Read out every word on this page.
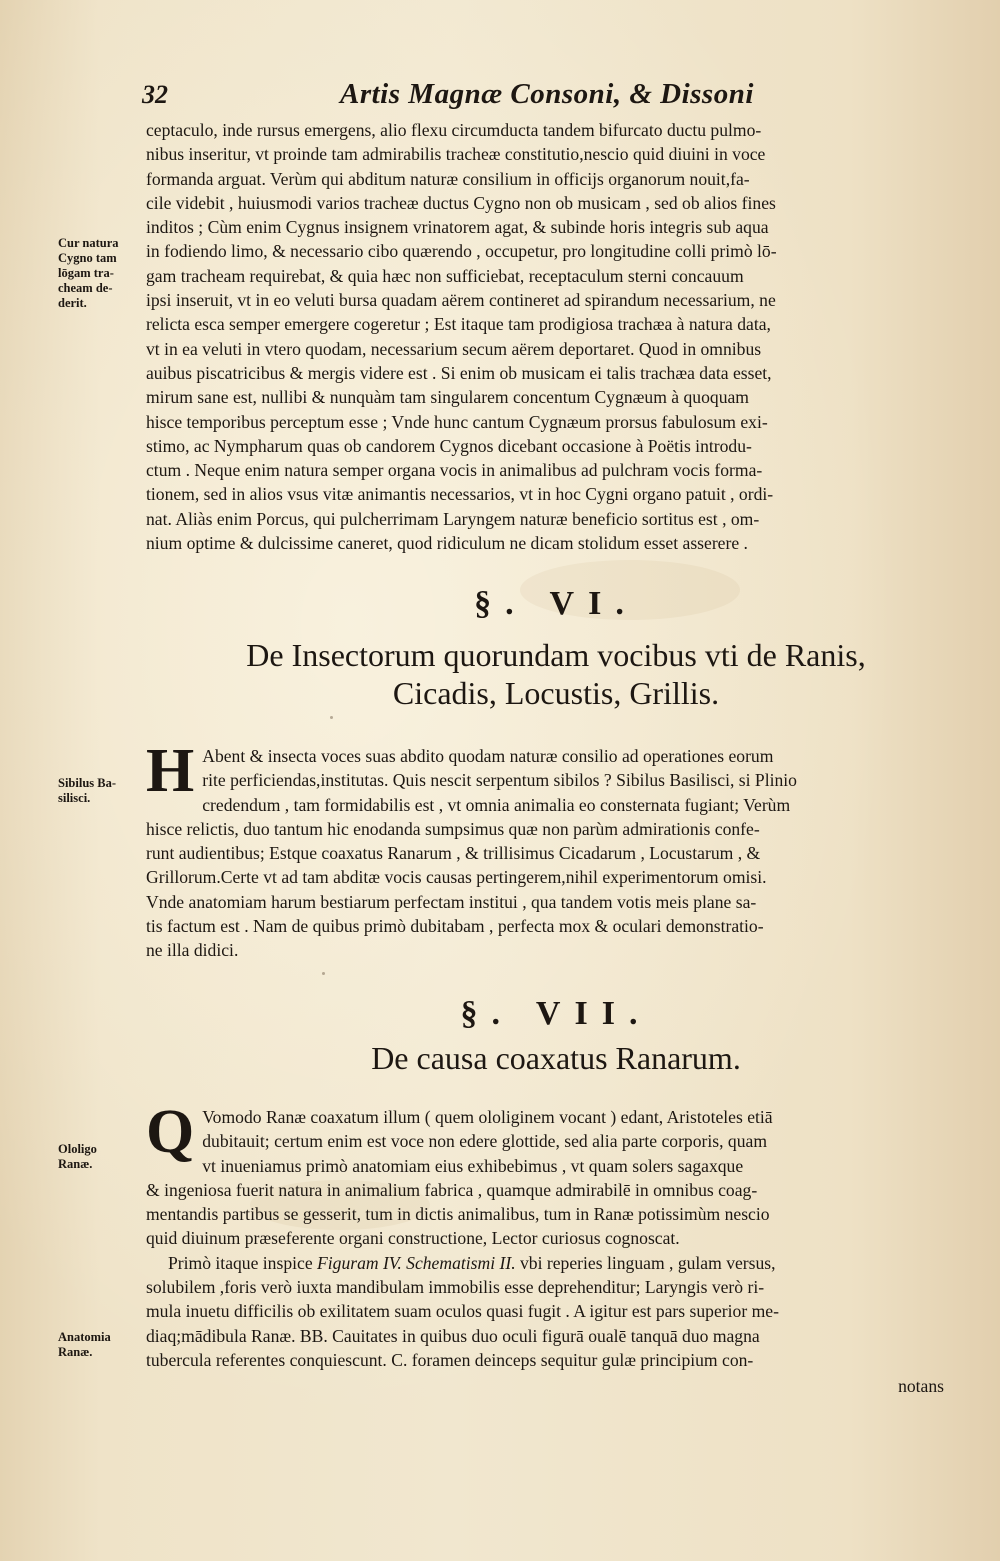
32	Artis Magnæ Consoni, & Dissoni

ceptaculo, inde rursus emergens, alio flexu circumducta tandem bifurcato ductu pulmo-

nibus inseritur, vt proinde tam admirabilis tracheæ constitutio,nescio quid diuini in voce

formanda arguat. Verùm qui abditum naturæ consilium in officijs organorum nouit,fa-

cile videbit , huiusmodi varios tracheæ ductus Cygno non ob musicam , sed ob alios fines

inditos ; Cùm enim Cygnus insignem vrinatorem agat, & subinde horis integris sub aqua

in fodiendo limo, & necessario cibo quærendo , occupetur, pro longitudine colli primò lō-

gam tracheam requirebat, & quia hæc non sufficiebat, receptaculum sterni concauum

ipsi inseruit, vt in eo veluti bursa quadam aërem contineret ad spirandum necessarium, ne

relicta esca semper emergere cogeretur ; Est itaque tam prodigiosa trachæa à natura data,

vt in ea veluti in vtero quodam, necessarium secum aërem deportaret. Quod in omnibus

auibus piscatricibus & mergis videre est . Si enim ob musicam ei talis trachæa data esset,

mirum sane est, nullibi & nunquàm tam singularem concentum Cygnæum à quoquam

hisce temporibus perceptum esse ; Vnde hunc cantum Cygnæum prorsus fabulosum exi-

stimo, ac Nympharum quas ob candorem Cygnos dicebant occasione à Poëtis introdu-

ctum . Neque enim natura semper organa vocis in animalibus ad pulchram vocis forma-

tionem, sed in alios vsus vitæ animantis necessarios, vt in hoc Cygni organo patuit , ordi-

nat. Aliàs enim Porcus, qui pulcherrimam Laryngem naturæ beneficio sortitus est , om-

nium optime & dulcissime caneret, quod ridiculum ne dicam stolidum esset asserere .

Cur natura
Cygno tam
lōgam tra-
cheam de-
derit.
§. VI.
De Insectorum quorundam vocibus vti de Ranis,
Cicadis, Locustis, Grillis.
H Abent & insecta voces suas abdito quodam naturæ consilio ad operationes eorum
rite perficiendas,institutas. Quis nescit serpentum sibilos ? Sibilus Basilisci, si Plinio
credendum , tam formidabilis est , vt omnia animalia eo consternata fugiant; Verùm
hisce relictis, duo tantum hic enodanda sumpsimus quæ non parùm admirationis confe-
runt audientibus; Estque coaxatus Ranarum , & trillisimus Cicadarum , Locustarum , &
Grillorum.Certe vt ad tam abditæ vocis causas pertingerem,nihil experimentorum omisi.
Vnde anatomiam harum bestiarum perfectam institui , qua tandem votis meis plane sa-
tis factum est . Nam de quibus primò dubitabam , perfecta mox & oculari demonstratio-
ne illa didici.
Sibilus Ba-
silisci.
§. VII.
De causa coaxatus Ranarum.
Q Vomodo Ranæ coaxatum illum ( quem ololiginem vocant ) edant, Aristoteles etiā
dubitauit; certum enim est voce non edere glottide, sed alia parte corporis, quam
vt inueniamus primò anatomiam eius exhibebimus , vt quam solers sagaxque
& ingeniosa fuerit natura in animalium fabrica , quamque admirabilē in omnibus coag-
mentandis partibus se gesserit, tum in dictis animalibus, tum in Ranæ potissimùm nescio
quid diuinum præseferente organi constructione, Lector curiosus cognoscat.
Primò itaque inspice Figuram IV. Schematismi II. vbi reperies linguam , gulam versus,
solubilem ,foris verò iuxta mandibulam immobilis esse deprehenditur; Laryngis verò ri-
mula inuetu difficilis ob exilitatem suam oculos quasi fugit . A igitur est pars superior me-
diaq;mādibula Ranæ. BB. Cauitates in quibus duo oculi figurā oualē tanquā duo magna
tubercula referentes conquiescunt. C. foramen deinceps sequitur gulæ principium con-
Ololigo
Ranæ.
Anatomia
Ranæ.
notans
